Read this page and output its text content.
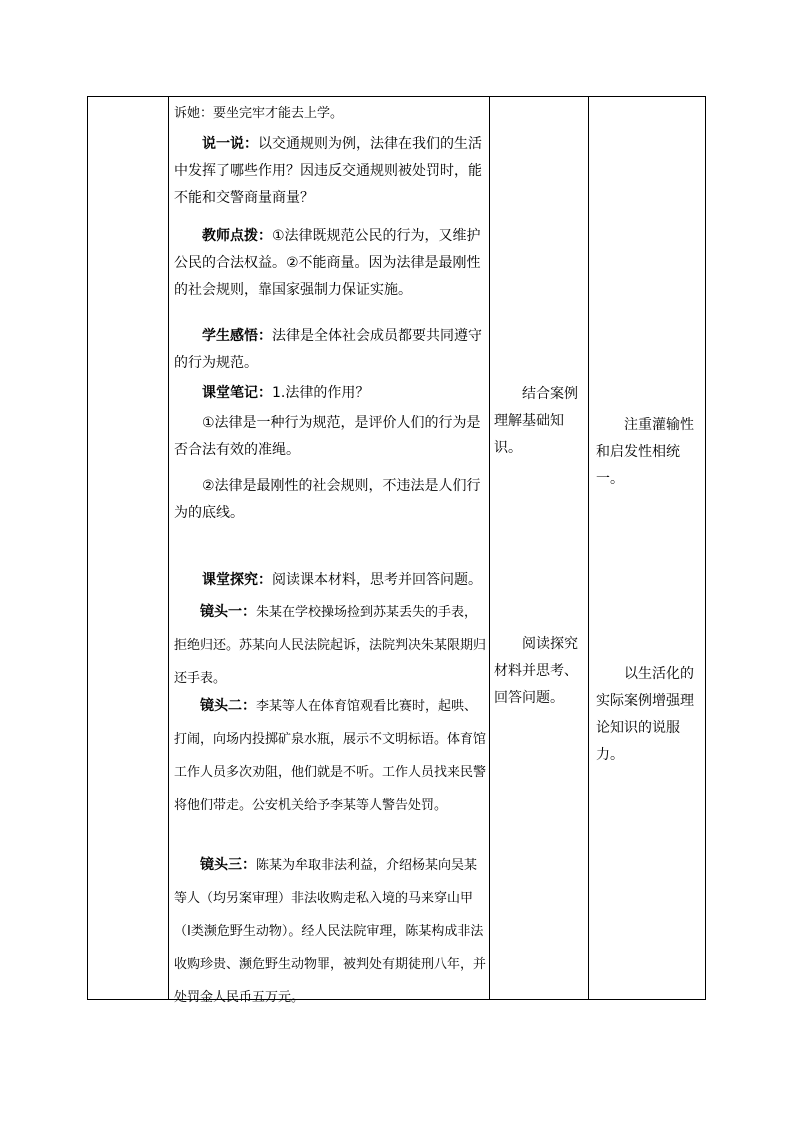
诉她：要坐完牢才能去上学。
说一说：以交通规则为例，法律在我们的生活中发挥了哪些作用？因违反交通规则被处罚时，能不能和交警商量商量？
教师点拨：①法律既规范公民的行为，又维护公民的合法权益。②不能商量。因为法律是最刚性的社会规则，靠国家强制力保证实施。
学生感悟：法律是全体社会成员都要共同遵守的行为规范。
课堂笔记：1.法律的作用？
①法律是一种行为规范，是评价人们的行为是否合法有效的准绳。
②法律是最刚性的社会规则，不违法是人们行为的底线。
课堂探究：阅读课本材料，思考并回答问题。
镜头一：朱某在学校操场捡到苏某丢失的手表，拒绝归还。苏某向人民法院起诉，法院判决朱某限期归还手表。
镜头二：李某等人在体育馆观看比赛时，起哄、打闹，向场内投掷矿泉水瓶，展示不文明标语。体育馆工作人员多次劝阻，他们就是不听。工作人员找来民警将他们带走。公安机关给予李某等人警告处罚。
镜头三：陈某为牟取非法利益，介绍杨某向吴某等人（均另案审理）非法收购走私入境的马来穿山甲（Ⅰ类濒危野生动物）。经人民法院审理，陈某构成非法收购珍贵、濒危野生动物罪，被判处有期徒刑八年，并处罚金人民币五万元。
结合案例理解基础知识。
阅读探究材料并思考、回答问题。
注重灌输性和启发性相统一。
以生活化的实际案例增强理论知识的说服力。
